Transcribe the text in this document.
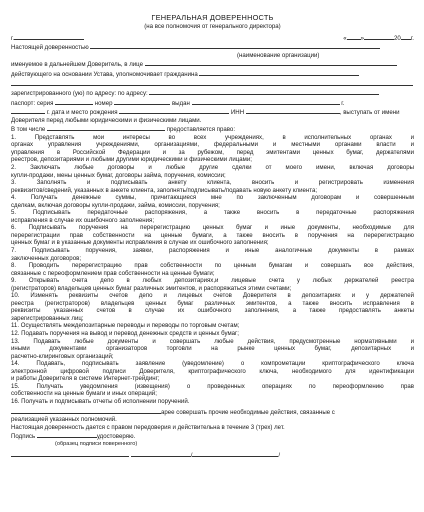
ГЕНЕРАЛЬНАЯ ДОВЕРЕННОСТЬ
(на все полномочия от генерального директора)
г.	« »	20 г.
Настоящей доверенностью
(наименование организации)
именуемое в дальнейшем Доверитель, в лице
действующего на основании Устава, уполномочивает гражданина
зарегистрированного (ую) по адресу: по адресу:
паспорт: серия	номер	выдан	г.
г. дата и место рождения	ИНН	, выступать от имени
Доверителя перед любыми юридическими и физическими лицами.
В том числе	предоставляется право:
1. Представлять мои интересы во всех учреждениях, в исполнительных органах и
органах управления учреждениями, организациями, федеральными и местными органами власти и
управления в Российской Федерации и за рубежом, перед эмитентами ценных бумаг, держателями
реестров, депозитариями и любыми другими юридическими и физическими лицами;
2. Заключать любые договоры и любые другие сделки от моего имени, включая договоры
купли-продажи, мены ценных бумаг, договоры займа, поручения, комиссии;
3. Заполнять и подписывать анкету клиента, вносить и регистрировать изменения
реквизитов/сведений, указанных в анкете клиента, заполнять/подписывать/подавать новую анкету клиента;
4. Получать денежные суммы, причитающиеся мне по заключенным договорам и совершенным
сделкам, включая договоры купли-продажи, займа, комиссии, поручения;
5. Подписывать передаточные распоряжения, а также вносить в передаточные распоряжения
исправления в случае их ошибочного заполнения;
6. Подписывать поручения на перерегистрацию ценных бумаг и иные документы, необходимые для
перерегистрации прав собственности на ценные бумаги, а также вносить в поручения на перерегистрацию
ценных бумаг и в указанные документы исправления в случае их ошибочного заполнения;
7. Подписывать поручения, заявки, распоряжения и иные аналогичные документы в рамках
заключенных договоров;
8. Проводить перерегистрацию прав собственности по ценным бумагам и совершать все действия,
связанные с переоформлением прав собственности на ценные бумаги;
9. Открывать счета депо в любых депозитариях,и лицевые счета у любых держателей реестра
(регистраторов) владельцев ценных бумаг различных эмитентов, и распоряжаться этими счетами;
10. Изменять реквизиты счетов депо и лицевых счетов Доверителя в депозитариях и у держателей
реестра (регистраторов) владельцев ценных бумаг различных эмитентов, а также вносить исправления в
реквизиты указанных счетов в случае их ошибочного заполнения, а также предоставлять анкеты
зарегистрированных лиц;
11. Осуществлять междепозитарные переводы и переводы по торговым счетам;
12. Подавать поручения на вывод и перевод денежных средств и ценных бумаг;
13. Подавать любые документы и совершать любые действия, предусмотренные нормативными и
иными документами организаторов торговли на рынке ценных бумаг, депозитарных и
расчетно-клиринговых организаций;
14. Подавать, подписывать заявление (уведомление) о компрометации криптографического ключа
электронной цифровой подписи Доверителя, криптографического ключа, необходимого для идентификации
и работы Доверителя в системе Интернет-трейдинг;
15. Получать уведомления (извещения) о проведенных операциях по переоформлению прав
собственности на ценные бумаги и иных операций;
16. Получать и подписывать отчеты об исполнении поручений.
арее совершать прочие необходимые действия, связанные с
реализацией указанных полномочий.
Настоящая доверенность дается с правом передоверия и действительна в течение 3 (трех) лет.
Подпись	удостоверяю.
(образец подписи поверенного)
/	/
